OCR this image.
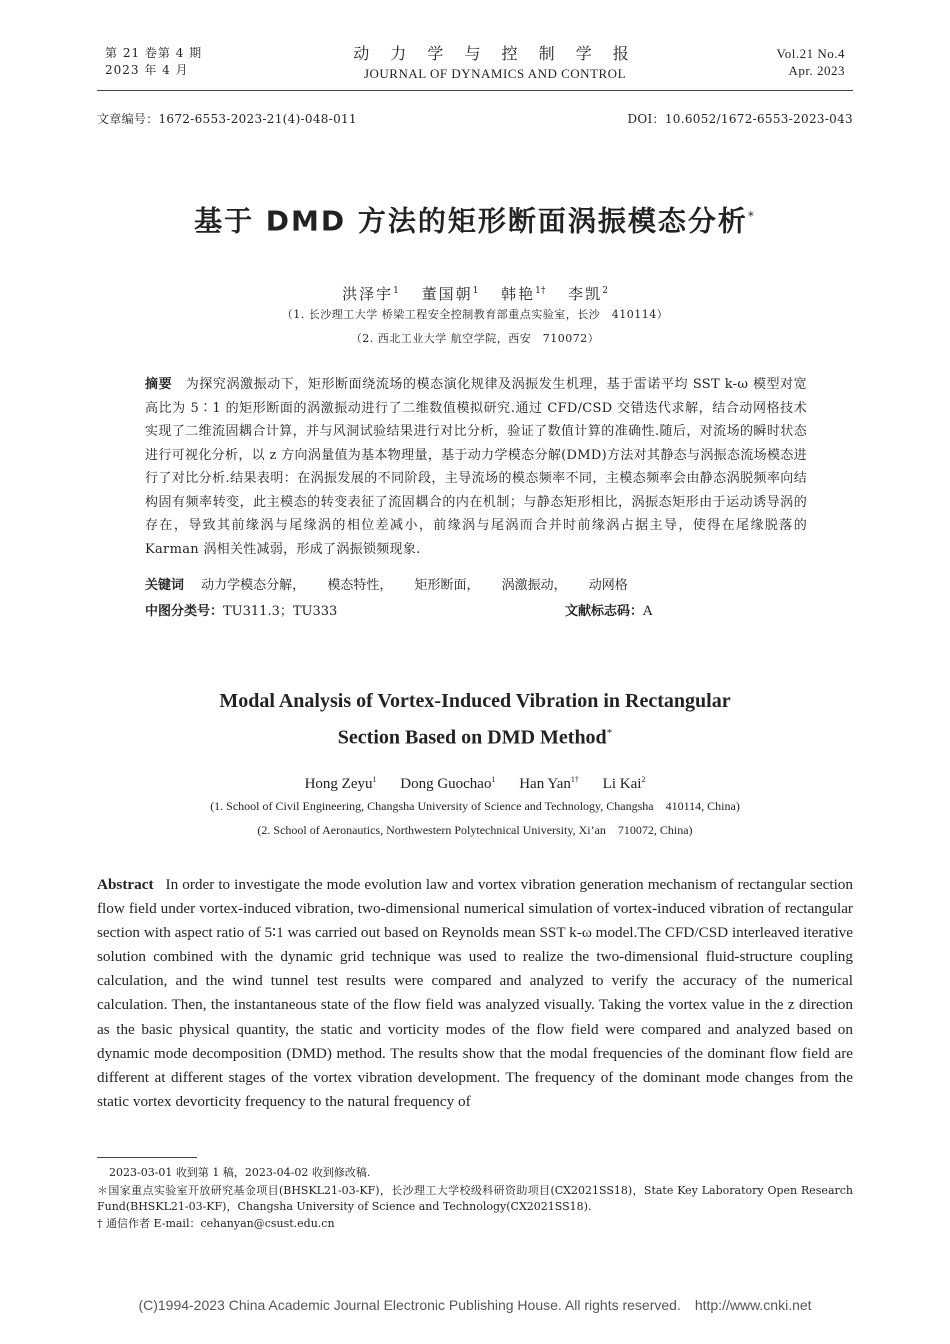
第 21 卷第 4 期
2023 年 4 月
动 力 学 与 控 制 学 报
JOURNAL OF DYNAMICS AND CONTROL
Vol.21 No.4
Apr. 2023
文章编号：1672-6553-2023-21(4)-048-011	DOI：10.6052/1672-6553-2023-043
基于 DMD 方法的矩形断面涡振模态分析*
洪泽宇$^1$ 董国朝$^1$ 韩艳$^{1\dagger}$ 李凯$^2$
（1. 长沙理工大学 桥梁工程安全控制教育部重点实验室，长沙　410114）
（2. 西北工业大学 航空学院，西安　710072）
摘要　 为探究涡激振动下，矩形断面绕流场的模态演化规律及涡振发生机理，基于雷诺平均 SST k-ω 模型对宽高比为 5∶1 的矩形断面的涡激振动进行了二维数值模拟研究.通过 CFD/CSD 交错迭代求解，结合动网格技术实现了二维流固耦合计算，并与风洞试验结果进行对比分析，验证了数值计算的准确性.随后，对流场的瞬时状态进行可视化分析，以 z 方向涡量值为基本物理量，基于动力学模态分解(DMD)方法对其静态与涡振态流场模态进行了对比分析.结果表明：在涡振发展的不同阶段，主导流场的模态频率不同，主模态频率会由静态涡脱频率向结构固有频率转变，此主模态的转变表征了流固耦合的内在机制；与静态矩形相比，涡振态矩形由于运动诱导涡的存在，导致其前缘涡与尾缘涡的相位差减小，前缘涡与尾涡而合并时前缘涡占据主导，使得在尾缘脱落的 Karman 涡相关性减弱，形成了涡振锁频现象.
关键词　 动力学模态分解， 模态特性， 矩形断面， 涡激振动， 动网格
中图分类号：TU311.3；TU333	文献标志码：A
Modal Analysis of Vortex-Induced Vibration in Rectangular
Section Based on DMD Method*
Hong Zeyu$^1$ Dong Guochao$^1$ Han Yan$^{1\dagger}$ Li Kai$^2$
(1. School of Civil Engineering, Changsha University of Science and Technology, Changsha　410114, China)
(2. School of Aeronautics, Northwestern Polytechnical University, Xi’an　710072, China)
Abstract In order to investigate the mode evolution law and vortex vibration generation mechanism of rectangular section flow field under vortex-induced vibration, two-dimensional numerical simulation of vortex-induced vibration of rectangular section with aspect ratio of 5∶1 was carried out based on Reynolds mean SST k-ω model.The CFD/CSD interleaved iterative solution combined with the dynamic grid technique was used to realize the two-dimensional fluid-structure coupling calculation, and the wind tunnel test results were compared and analyzed to verify the accuracy of the numerical calculation. Then, the instantaneous state of the flow field was analyzed visually. Taking the vortex value in the z direction as the basic physical quantity, the static and vorticity modes of the flow field were compared and analyzed based on dynamic mode decomposition (DMD) method. The results show that the modal frequencies of the dominant flow field are different at different stages of the vortex vibration development. The frequency of the dominant mode changes from the static vortex devorticity frequency to the natural frequency of
2023-03-01 收到第 1 稿，2023-04-02 收到修改稿.
＊国家重点实验室开放研究基金项目(BHSKL21-03-KF)，长沙理工大学校级科研资助项目(CX2021SS18)，State Key Laboratory Open Research Fund(BHSKL21-03-KF)，Changsha University of Science and Technology(CX2021SS18).
† 通信作者 E-mail：cehanyan@csust.edu.cn
(C)1994-2023 China Academic Journal Electronic Publishing House. All rights reserved. http://www.cnki.net
